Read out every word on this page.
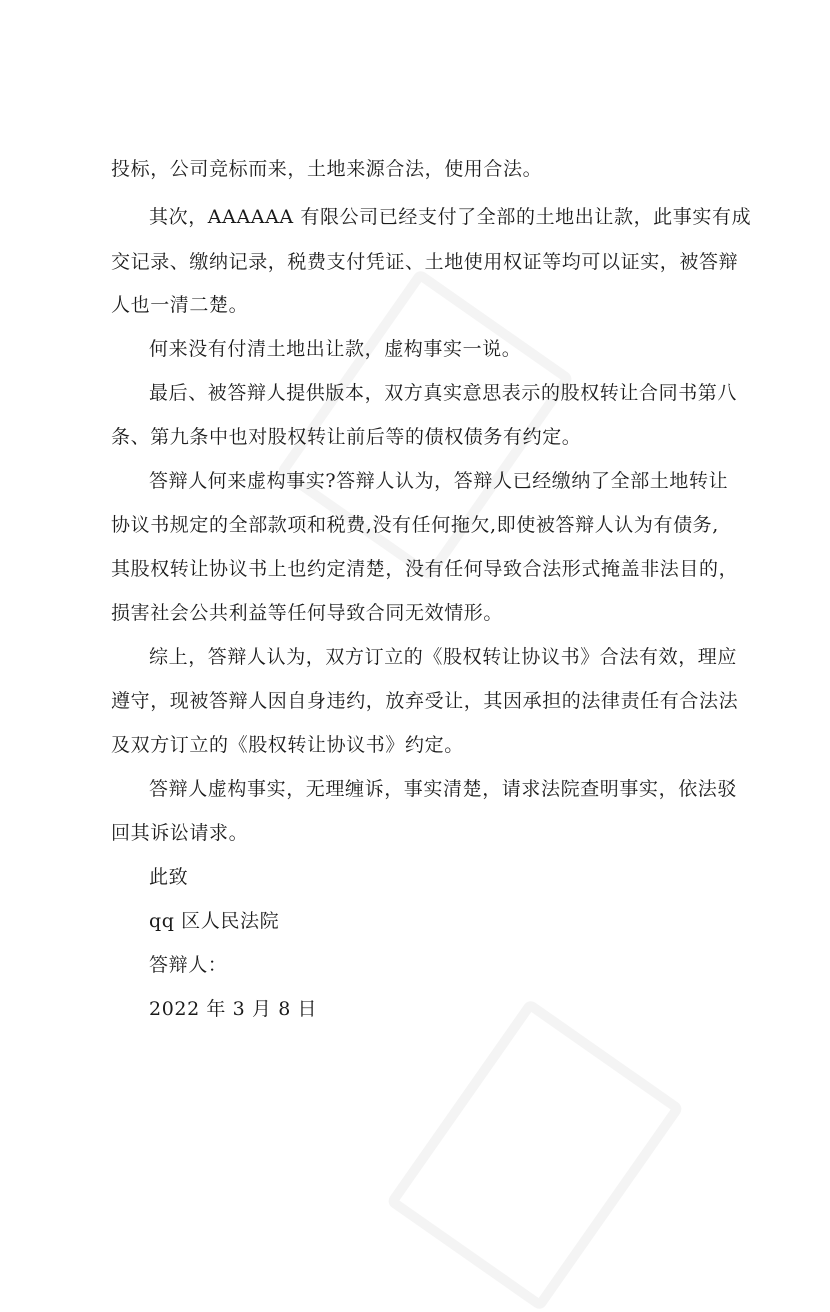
投标，公司竞标而来，土地来源合法，使用合法。
其次，AAAAAA 有限公司已经支付了全部的土地出让款，此事实有成
交记录、缴纳记录，税费支付凭证、土地使用权证等均可以证实，被答辩
人也一清二楚。
何来没有付清土地出让款，虚构事实一说。
最后、被答辩人提供版本，双方真实意思表示的股权转让合同书第八
条、第九条中也对股权转让前后等的债权债务有约定。
答辩人何来虚构事实?答辩人认为，答辩人已经缴纳了全部土地转让
协议书规定的全部款项和税费,没有任何拖欠,即使被答辩人认为有债务,
其股权转让协议书上也约定清楚，没有任何导致合法形式掩盖非法目的，
损害社会公共利益等任何导致合同无效情形。
综上，答辩人认为，双方订立的《股权转让协议书》合法有效，理应
遵守，现被答辩人因自身违约，放弃受让，其因承担的法律责任有合法法
及双方订立的《股权转让协议书》约定。
答辩人虚构事实，无理缠诉，事实清楚，请求法院查明事实，依法驳
回其诉讼请求。
此致
qq 区人民法院
答辩人：
2022 年 3 月 8 日
